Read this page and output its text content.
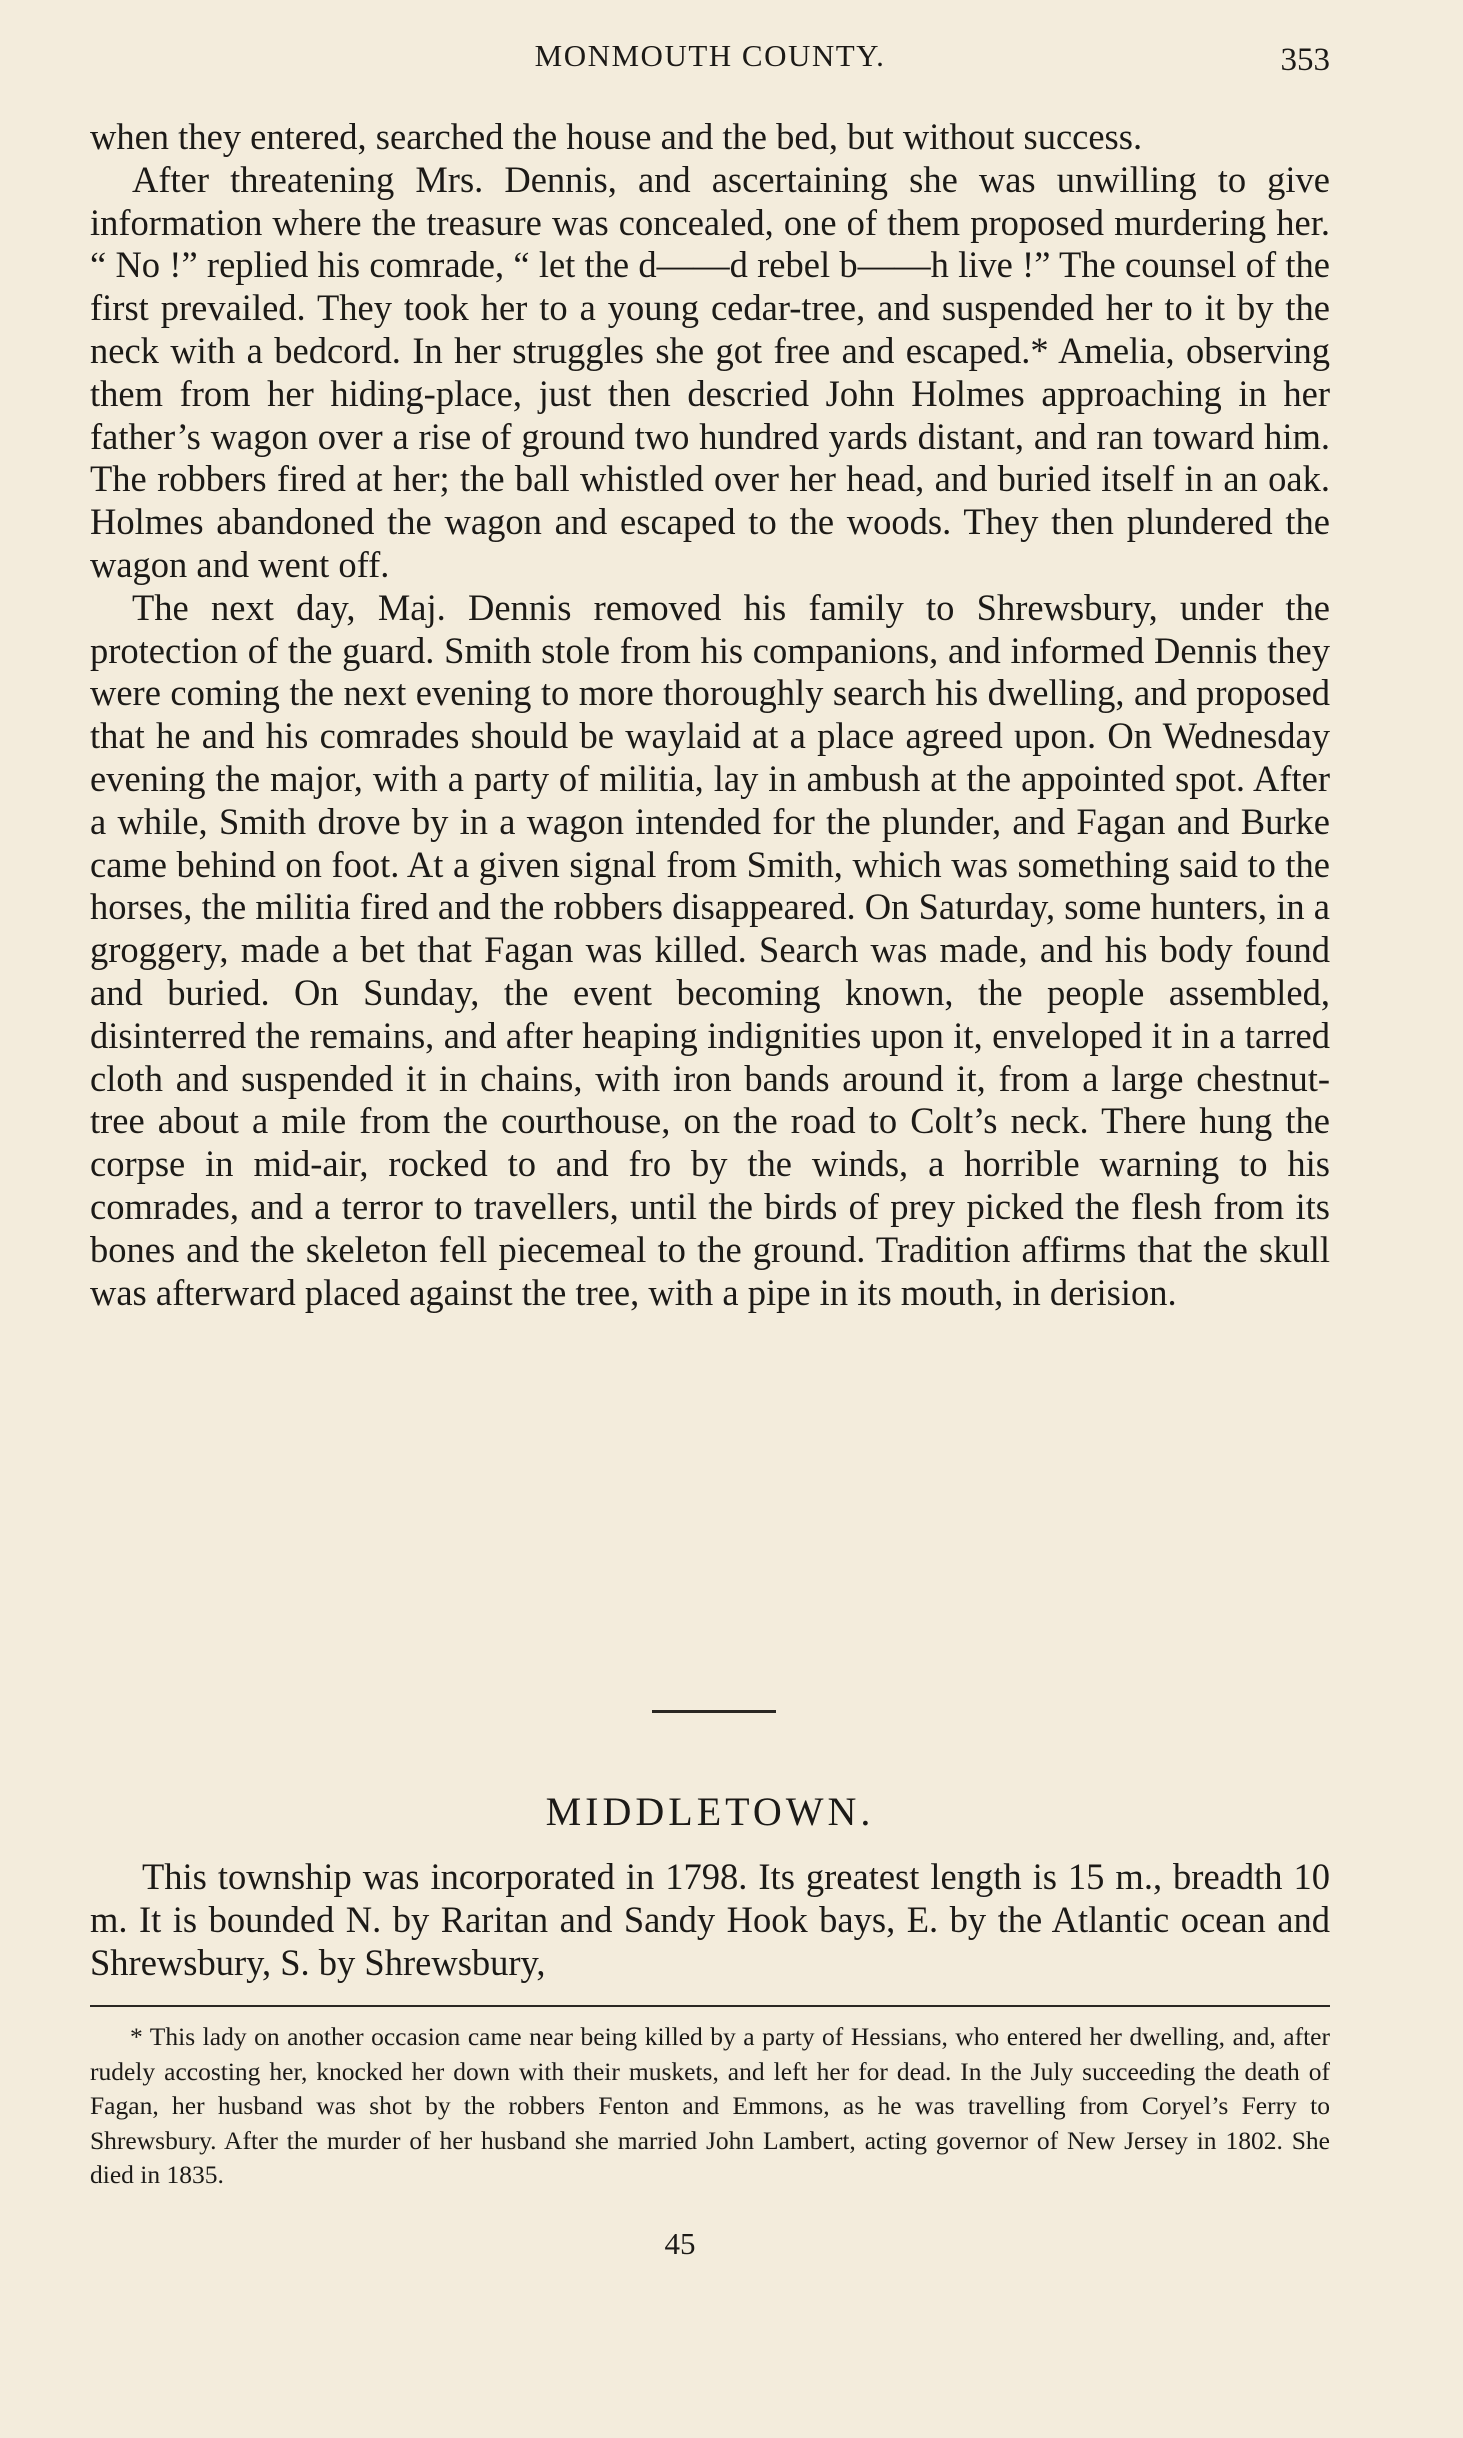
MONMOUTH COUNTY.	353

when they entered, searched the house and the bed, but without success.

After threatening Mrs. Dennis, and ascertaining she was unwilling to give information where the treasure was concealed, one of them proposed murdering her. “ No !” replied his comrade, “ let the d——d rebel b——h live !” The counsel of the first prevailed. They took her to a young cedar-tree, and suspended her to it by the neck with a bedcord. In her struggles she got free and escaped.* Amelia, observing them from her hiding-place, just then descried John Holmes approaching in her father’s wagon over a rise of ground two hundred yards distant, and ran toward him. The robbers fired at her; the ball whistled over her head, and buried itself in an oak. Holmes abandoned the wagon and escaped to the woods. They then plundered the wagon and went off.

The next day, Maj. Dennis removed his family to Shrewsbury, under the protection of the guard. Smith stole from his companions, and informed Dennis they were coming the next evening to more thoroughly search his dwelling, and proposed that he and his comrades should be waylaid at a place agreed upon. On Wednesday evening the major, with a party of militia, lay in ambush at the appointed spot. After a while, Smith drove by in a wagon intended for the plunder, and Fagan and Burke came behind on foot. At a given signal from Smith, which was something said to the horses, the militia fired and the robbers disappeared. On Saturday, some hunters, in a groggery, made a bet that Fagan was killed. Search was made, and his body found and buried. On Sunday, the event becoming known, the people assembled, disinterred the remains, and after heaping indignities upon it, enveloped it in a tarred cloth and suspended it in chains, with iron bands around it, from a large chestnut-tree about a mile from the courthouse, on the road to Colt’s neck. There hung the corpse in mid-air, rocked to and fro by the winds, a horrible warning to his comrades, and a terror to travellers, until the birds of prey picked the flesh from its bones and the skeleton fell piecemeal to the ground. Tradition affirms that the skull was afterward placed against the tree, with a pipe in its mouth, in derision.

MIDDLETOWN.

This township was incorporated in 1798. Its greatest length is 15 m., breadth 10 m. It is bounded N. by Raritan and Sandy Hook bays, E. by the Atlantic ocean and Shrewsbury, S. by Shrewsbury,

* This lady on another occasion came near being killed by a party of Hessians, who entered her dwelling, and, after rudely accosting her, knocked her down with their muskets, and left her for dead. In the July succeeding the death of Fagan, her husband was shot by the robbers Fenton and Emmons, as he was travelling from Coryel’s Ferry to Shrewsbury. After the murder of her husband she married John Lambert, acting governor of New Jersey in 1802. She died in 1835.

45
